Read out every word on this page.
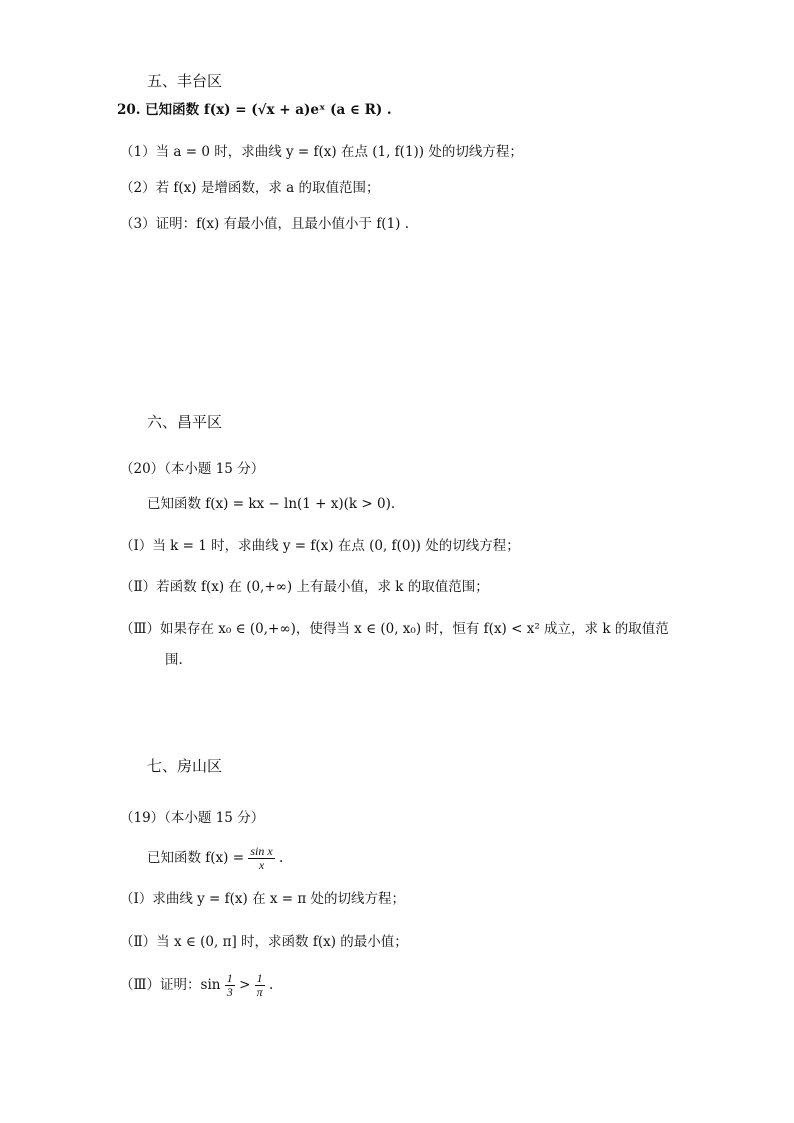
五、丰台区
20. 已知函数 f(x) = (√x + a)eˣ (a ∈ R) .
（1）当 a = 0 时，求曲线 y = f(x) 在点 (1, f(1)) 处的切线方程；
（2）若 f(x) 是增函数，求 a 的取值范围；
（3）证明：f(x) 有最小值，且最小值小于 f(1) .
六、昌平区
（20）（本小题 15 分）
已知函数 f(x) = kx − ln(1 + x)(k > 0).
（Ⅰ）当 k = 1 时，求曲线 y = f(x) 在点 (0, f(0)) 处的切线方程；
（Ⅱ）若函数 f(x) 在 (0,+∞) 上有最小值，求 k 的取值范围；
（Ⅲ）如果存在 x₀ ∈ (0,+∞)，使得当 x ∈ (0, x₀) 时，恒有 f(x) < x² 成立，求 k 的取值范
围.
七、房山区
（19）（本小题 15 分）
已知函数 $f(x) = \frac{\text{sin x}}{x}$ .
（Ⅰ）求曲线 y = f(x) 在 x = π 处的切线方程；
（Ⅱ）当 x ∈ (0, π] 时，求函数 f(x) 的最小值；
（Ⅲ）证明：$\sin \frac{1}{3} > \frac{1}{\pi}$ .
